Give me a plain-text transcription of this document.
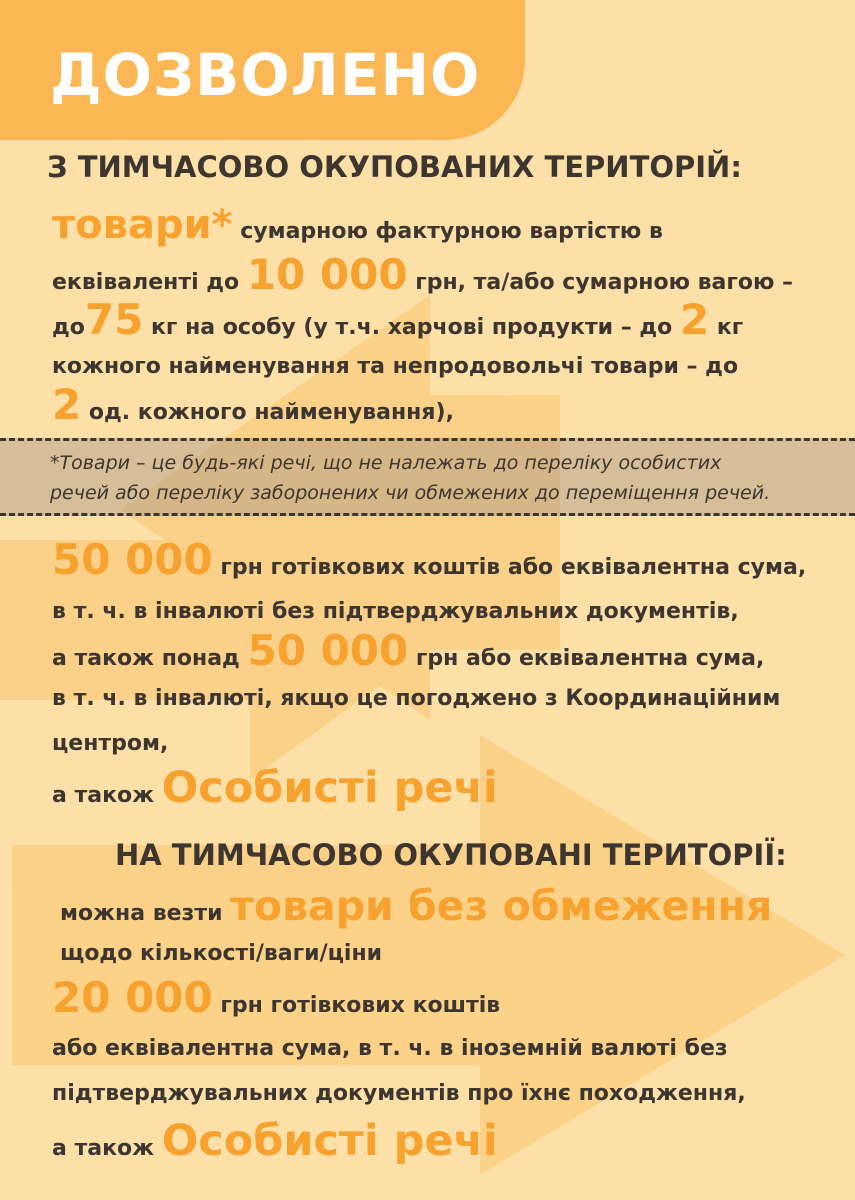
ДОЗВОЛЕНО
З ТИМЧАСОВО ОКУПОВАНИХ ТЕРИТОРІЙ:
товари* сумарною фактурною вартістю в
еквіваленті до 10 000 грн, та/або сумарною вагою –
до75 кг на особу (у т.ч. харчові продукти – до 2 кг
кожного найменування та непродовольчі товари – до
2 од. кожного найменування),
*Товари – це будь-які речі, що не належать до переліку особистих
речей або переліку заборонених чи обмежених до переміщення речей.
50 000 грн готівкових коштів або еквівалентна сума,
в т. ч. в інвалюті без підтверджувальних документів,
а також понад 50 000 грн або еквівалентна сума,
в т. ч. в інвалюті, якщо це погоджено з Координаційним
центром,
а також Особисті речі
НА ТИМЧАСОВО ОКУПОВАНІ ТЕРИТОРІЇ:
можна везти товари без обмеження
щодо кількості/ваги/ціни
20 000 грн готівкових коштів
або еквівалентна сума, в т. ч. в іноземній валюті без
підтверджувальних документів про їхнє походження,
а також Особисті речі
